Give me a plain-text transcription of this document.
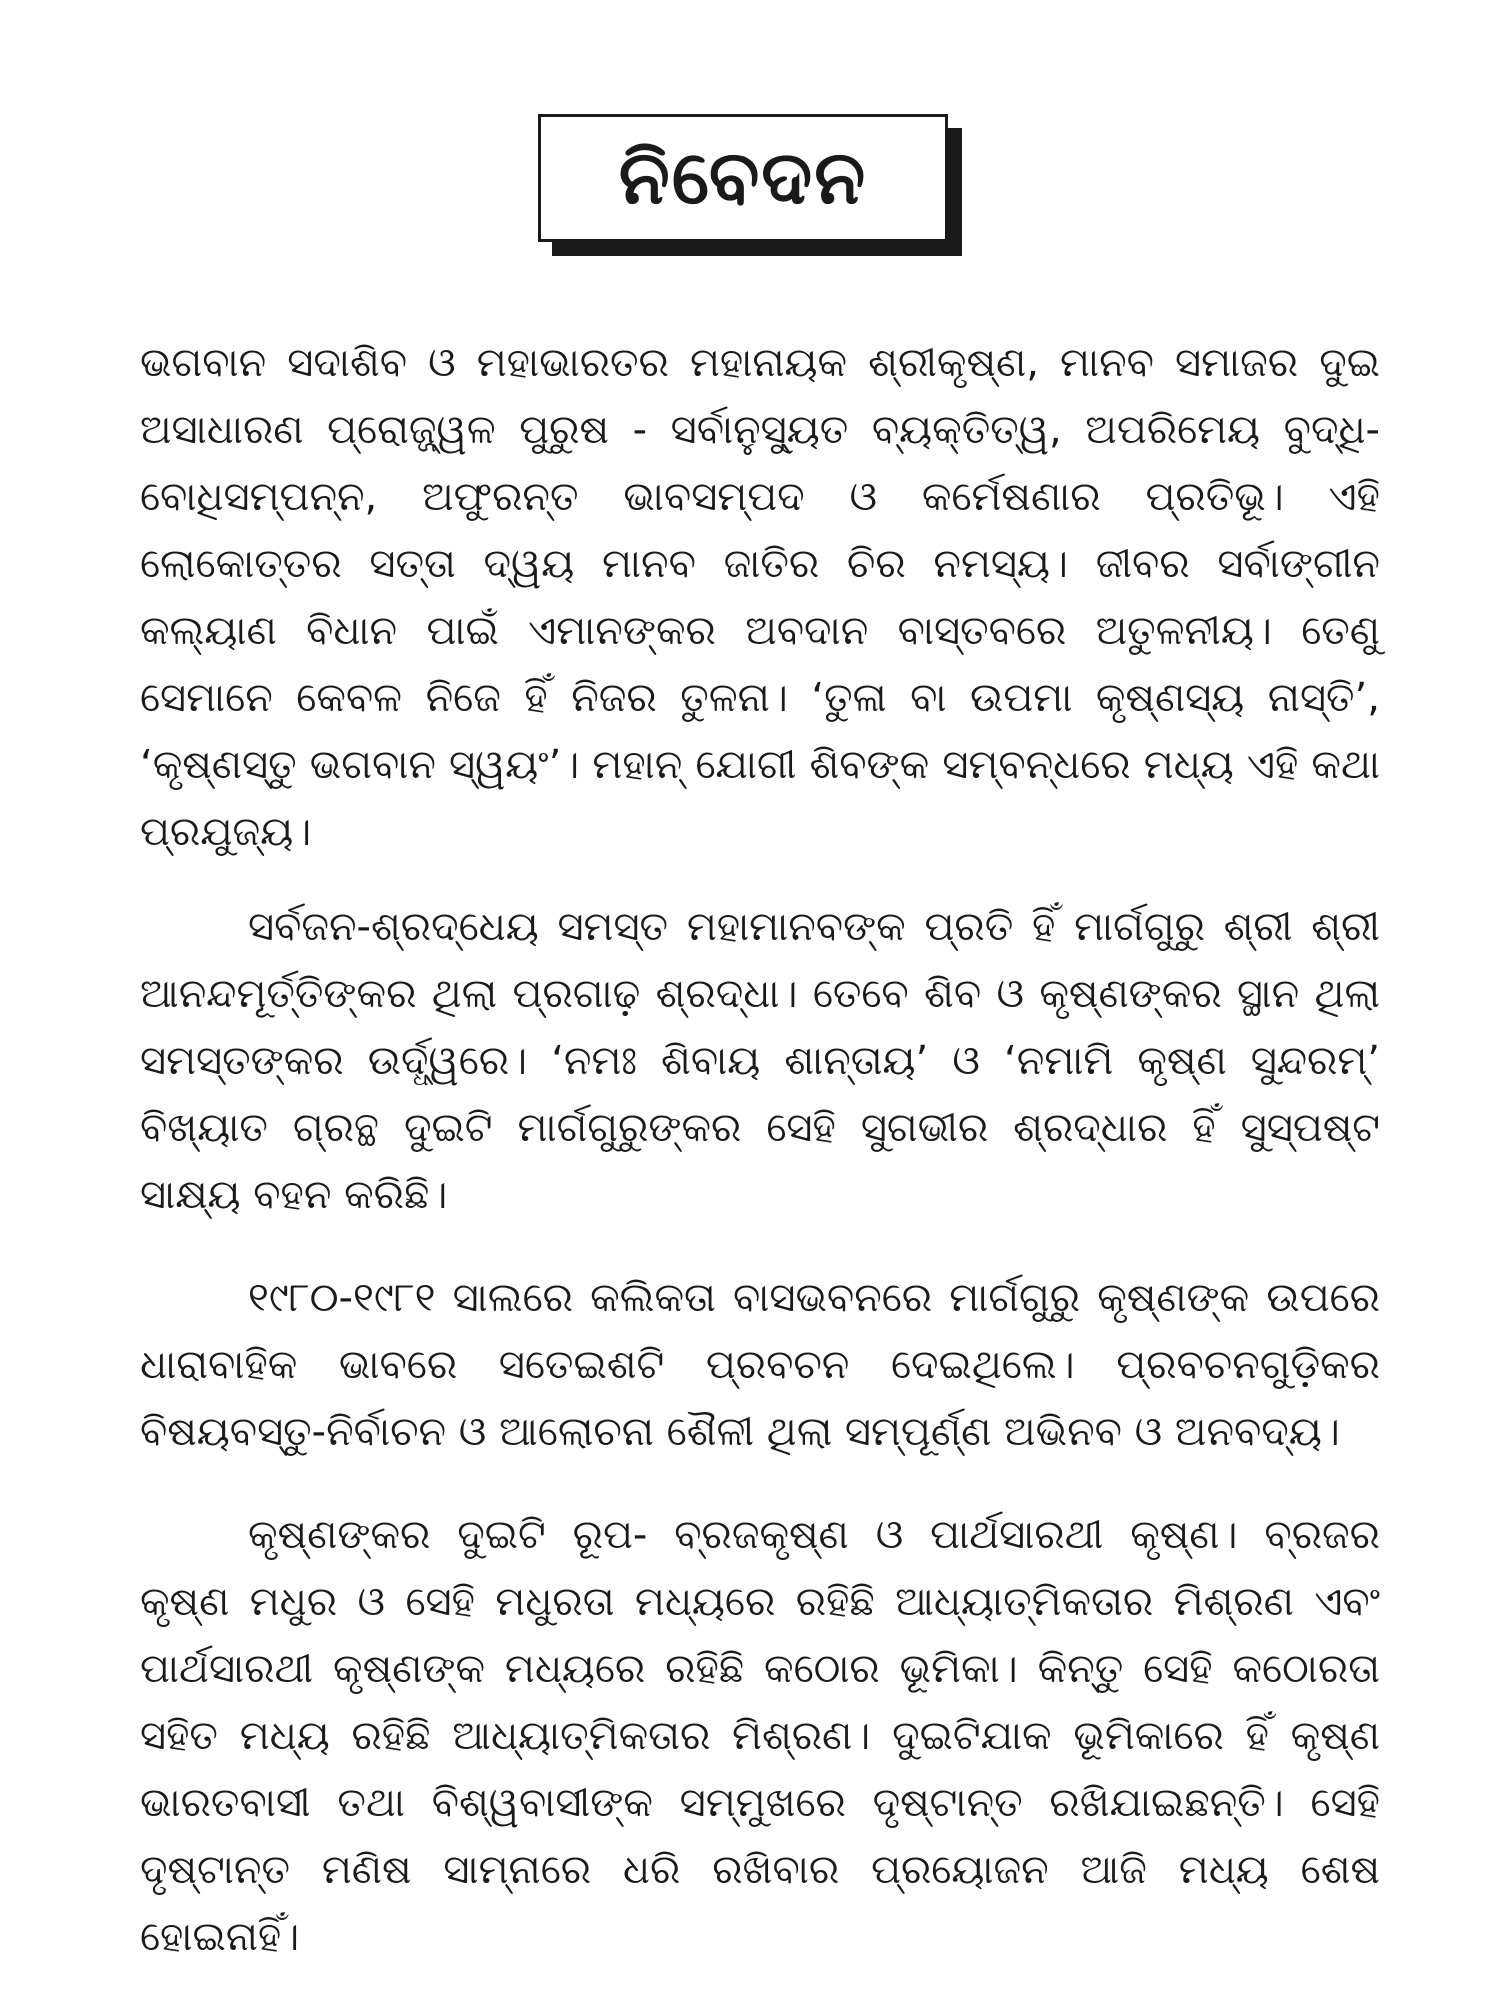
ନିବେଦନ

ଭଗବାନ ସଦାଶିବ ଓ ମହାଭାରତର ମହାନାୟକ ଶ୍ରୀକୃଷ୍ଣ, ମାନବ ସମାଜର ଦୁଇ ଅସାଧାରଣ ପ୍ରୋଜ୍ଜ୍ୱଳ ପୁରୁଷ - ସର୍ବାନୁସ୍ୟୁତ ବ୍ୟକ୍ତିତ୍ୱ, ଅପରିମେୟ ବୁଦ୍ଧି-ବୋଧିସମ୍ପନ୍ନ, ଅଫୁରନ୍ତ ଭାବସମ୍ପଦ ଓ କର୍ମେଷଣାର ପ୍ରତିଭୂ। ଏହି ଲୋକୋତ୍ତର ସତ୍ତା ଦ୍ୱୟ ମାନବ ଜାତିର ଚିର ନମସ୍ୟ। ଜୀବର ସର୍ବାଙ୍ଗୀନ କଲ୍ୟାଣ ବିଧାନ ପାଇଁ ଏମାନଙ୍କର ଅବଦାନ ବାସ୍ତବରେ ଅତୁଳନୀୟ। ତେଣୁ ସେମାନେ କେବଳ ନିଜେ ହିଁ ନିଜର ତୁଳନା। ‘ତୁଳା ବା ଉପମା କୃଷ୍ଣସ୍ୟ ନାସ୍ତି’, ‘କୃଷ୍ଣସ୍ତୁ ଭଗବାନ ସ୍ୱୟଂ’। ମହାନ୍ ଯୋଗୀ ଶିବଙ୍କ ସମ୍ବନ୍ଧରେ ମଧ୍ୟ ଏହି କଥା ପ୍ରଯୁଜ୍ୟ।

ସର୍ବଜନ-ଶ୍ରଦ୍ଧେୟ ସମସ୍ତ ମହାମାନବଙ୍କ ପ୍ରତି ହିଁ ମାର୍ଗଗୁରୁ ଶ୍ରୀ ଶ୍ରୀ ଆନନ୍ଦମୂର୍ତ୍ତିଙ୍କର ଥିଲା ପ୍ରଗାଢ଼ ଶ୍ରଦ୍ଧା। ତେବେ ଶିବ ଓ କୃଷ୍ଣଙ୍କର ସ୍ଥାନ ଥିଲା ସମସ୍ତଙ୍କର ଉର୍ଦ୍ଧ୍ୱରେ। ‘ନମଃ ଶିବାୟ ଶାନ୍ତାୟ’ ଓ ‘ନମାମି କୃଷ୍ଣ ସୁନ୍ଦରମ୍’ ବିଖ୍ୟାତ ଗ୍ରନ୍ଥ ଦୁଇଟି ମାର୍ଗଗୁରୁଙ୍କର ସେହି ସୁଗଭୀର ଶ୍ରଦ୍ଧାର ହିଁ ସୁସ୍ପଷ୍ଟ ସାକ୍ଷ୍ୟ ବହନ କରିଛି।

୧୯୮୦-୧୯୮୧ ସାଲରେ କଲିକତା ବାସଭବନରେ ମାର୍ଗଗୁରୁ କୃଷ୍ଣଙ୍କ ଉପରେ ଧାରାବାହିକ ଭାବରେ ସତେଇଶଟି ପ୍ରବଚନ ଦେଇଥିଲେ। ପ୍ରବଚନଗୁଡ଼ିକର ବିଷୟବସ୍ତୁ-ନିର୍ବାଚନ ଓ ଆଲୋଚନା ଶୈଳୀ ଥିଲା ସମ୍ପୂର୍ଣ୍ଣ ଅଭିନବ ଓ ଅନବଦ୍ୟ।

କୃଷ୍ଣଙ୍କର ଦୁଇଟି ରୂପ- ବ୍ରଜକୃଷ୍ଣ ଓ ପାର୍ଥସାରଥୀ କୃଷ୍ଣ। ବ୍ରଜର କୃଷ୍ଣ ମଧୁର ଓ ସେହି ମଧୁରତା ମଧ୍ୟରେ ରହିଛି ଆଧ୍ୟାତ୍ମିକତାର ମିଶ୍ରଣ ଏବଂ ପାର୍ଥସାରଥୀ କୃଷ୍ଣଙ୍କ ମଧ୍ୟରେ ରହିଛି କଠୋର ଭୂମିକା। କିନ୍ତୁ ସେହି କଠୋରତା ସହିତ ମଧ୍ୟ ରହିଛି ଆଧ୍ୟାତ୍ମିକତାର ମିଶ୍ରଣ। ଦୁଇଟିଯାକ ଭୂମିକାରେ ହିଁ କୃଷ୍ଣ ଭାରତବାସୀ ତଥା ବିଶ୍ୱବାସୀଙ୍କ ସମ୍ମୁଖରେ ଦୃଷ୍ଟାନ୍ତ ରଖିଯାଇଛନ୍ତି। ସେହି ଦୃଷ୍ଟାନ୍ତ ମଣିଷ ସାମ୍ନାରେ ଧରି ରଖିବାର ପ୍ରୟୋଜନ ଆଜି ମଧ୍ୟ ଶେଷ ହୋଇନାହିଁ।
